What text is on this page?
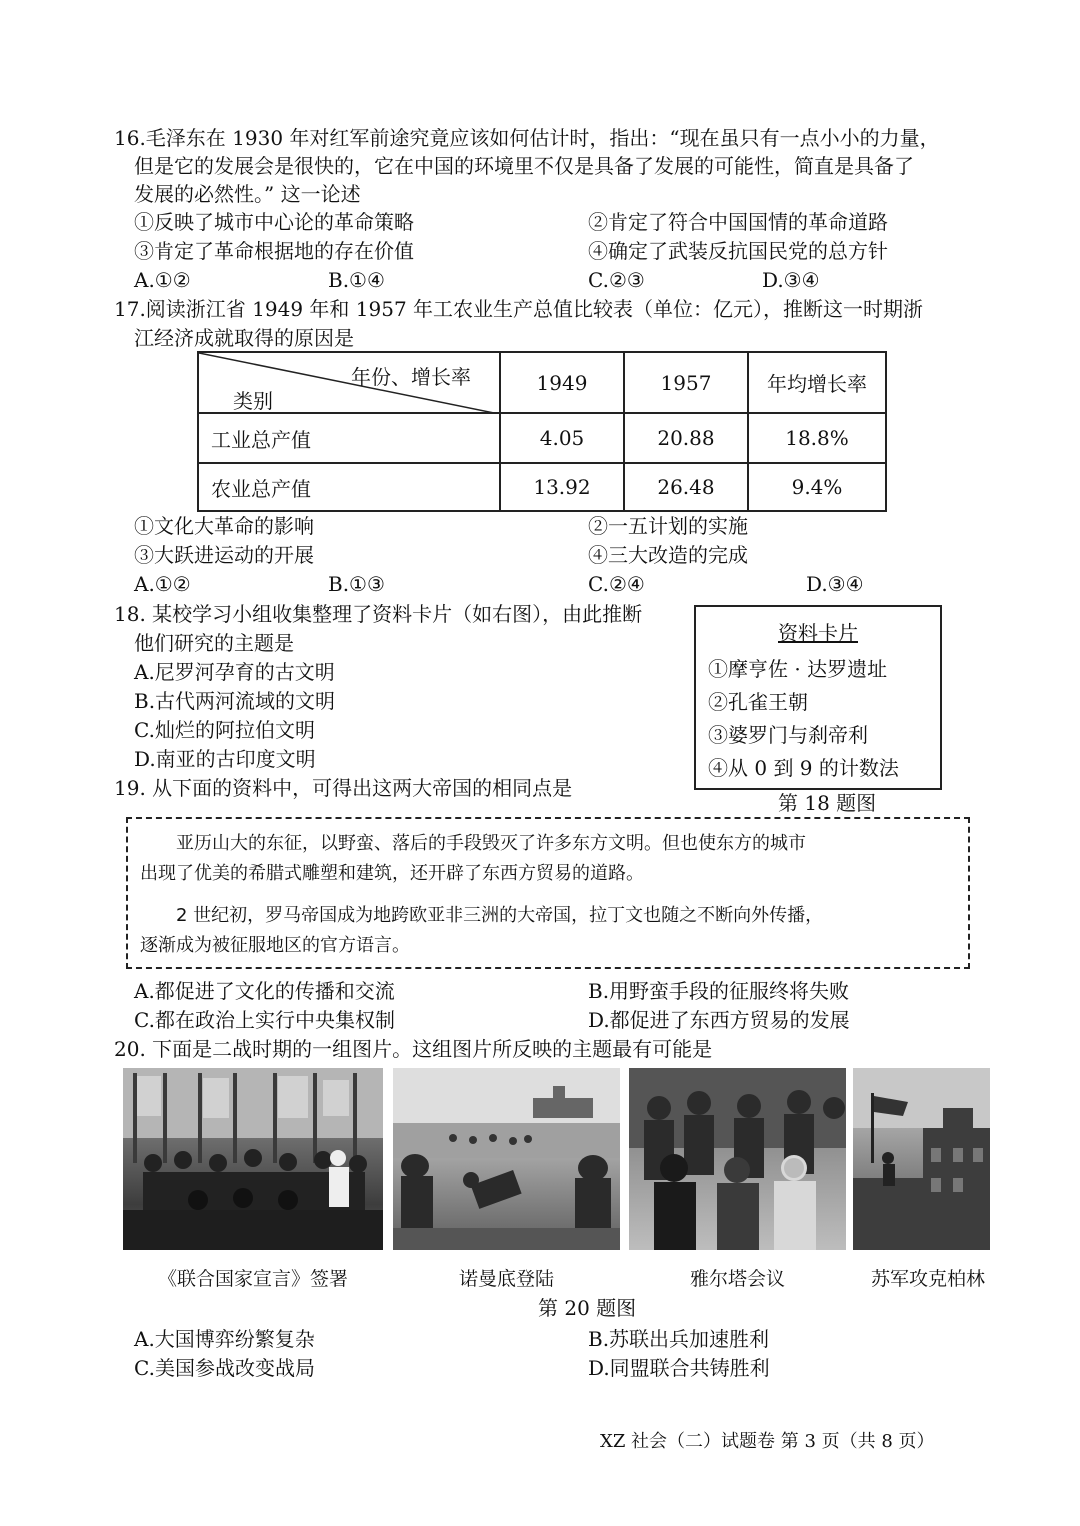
16.毛泽东在 1930 年对红军前途究竟应该如何估计时，指出：“现在虽只有一点小小的力量，
但是它的发展会是很快的，它在中国的环境里不仅是具备了发展的可能性，简直是具备了
发展的必然性。” 这一论述
①反映了城市中心论的革命策略	②肯定了符合中国国情的革命道路
③肯定了革命根据地的存在价值	④确定了武装反抗国民党的总方针
A.①②	B.①④	C.②③	D.③④
17.阅读浙江省 1949 年和 1957 年工农业生产总值比较表（单位：亿元），推断这一时期浙
江经济成就取得的原因是
年份、增长率
类别	1949	1957	年均增长率
工业总产值	4.05	20.88	18.8%
农业总产值	13.92	26.48	9.4%
①文化大革命的影响	②一五计划的实施
③大跃进运动的开展	④三大改造的完成
A.①②	B.①③	C.②④	D.③④
18. 某校学习小组收集整理了资料卡片（如右图），由此推断
他们研究的主题是
A.尼罗河孕育的古文明
B.古代两河流域的文明
C.灿烂的阿拉伯文明
D.南亚的古印度文明
资料卡片
①摩亨佐 · 达罗遗址
②孔雀王朝
③婆罗门与刹帝利
④从 0 到 9 的计数法
第 18 题图
19. 从下面的资料中，可得出这两大帝国的相同点是

亚历山大的东征，以野蛮、落后的手段毁灭了许多东方文明。但也使东方的城市

出现了优美的希腊式雕塑和建筑，还开辟了东西方贸易的道路。

2 世纪初，罗马帝国成为地跨欧亚非三洲的大帝国，拉丁文也随之不断向外传播，

逐渐成为被征服地区的官方语言。

A.都促进了文化的传播和交流	B.用野蛮手段的征服终将失败
C.都在政治上实行中央集权制	D.都促进了东西方贸易的发展
20. 下面是二战时期的一组图片。这组图片所反映的主题最有可能是
《联合国家宣言》签署	诺曼底登陆	雅尔塔会议	苏军攻克柏林
第 20 题图
A.大国博弈纷繁复杂	B.苏联出兵加速胜利
C.美国参战改变战局	D.同盟联合共铸胜利
XZ 社会（二）试题卷 第 3 页（共 8 页）
